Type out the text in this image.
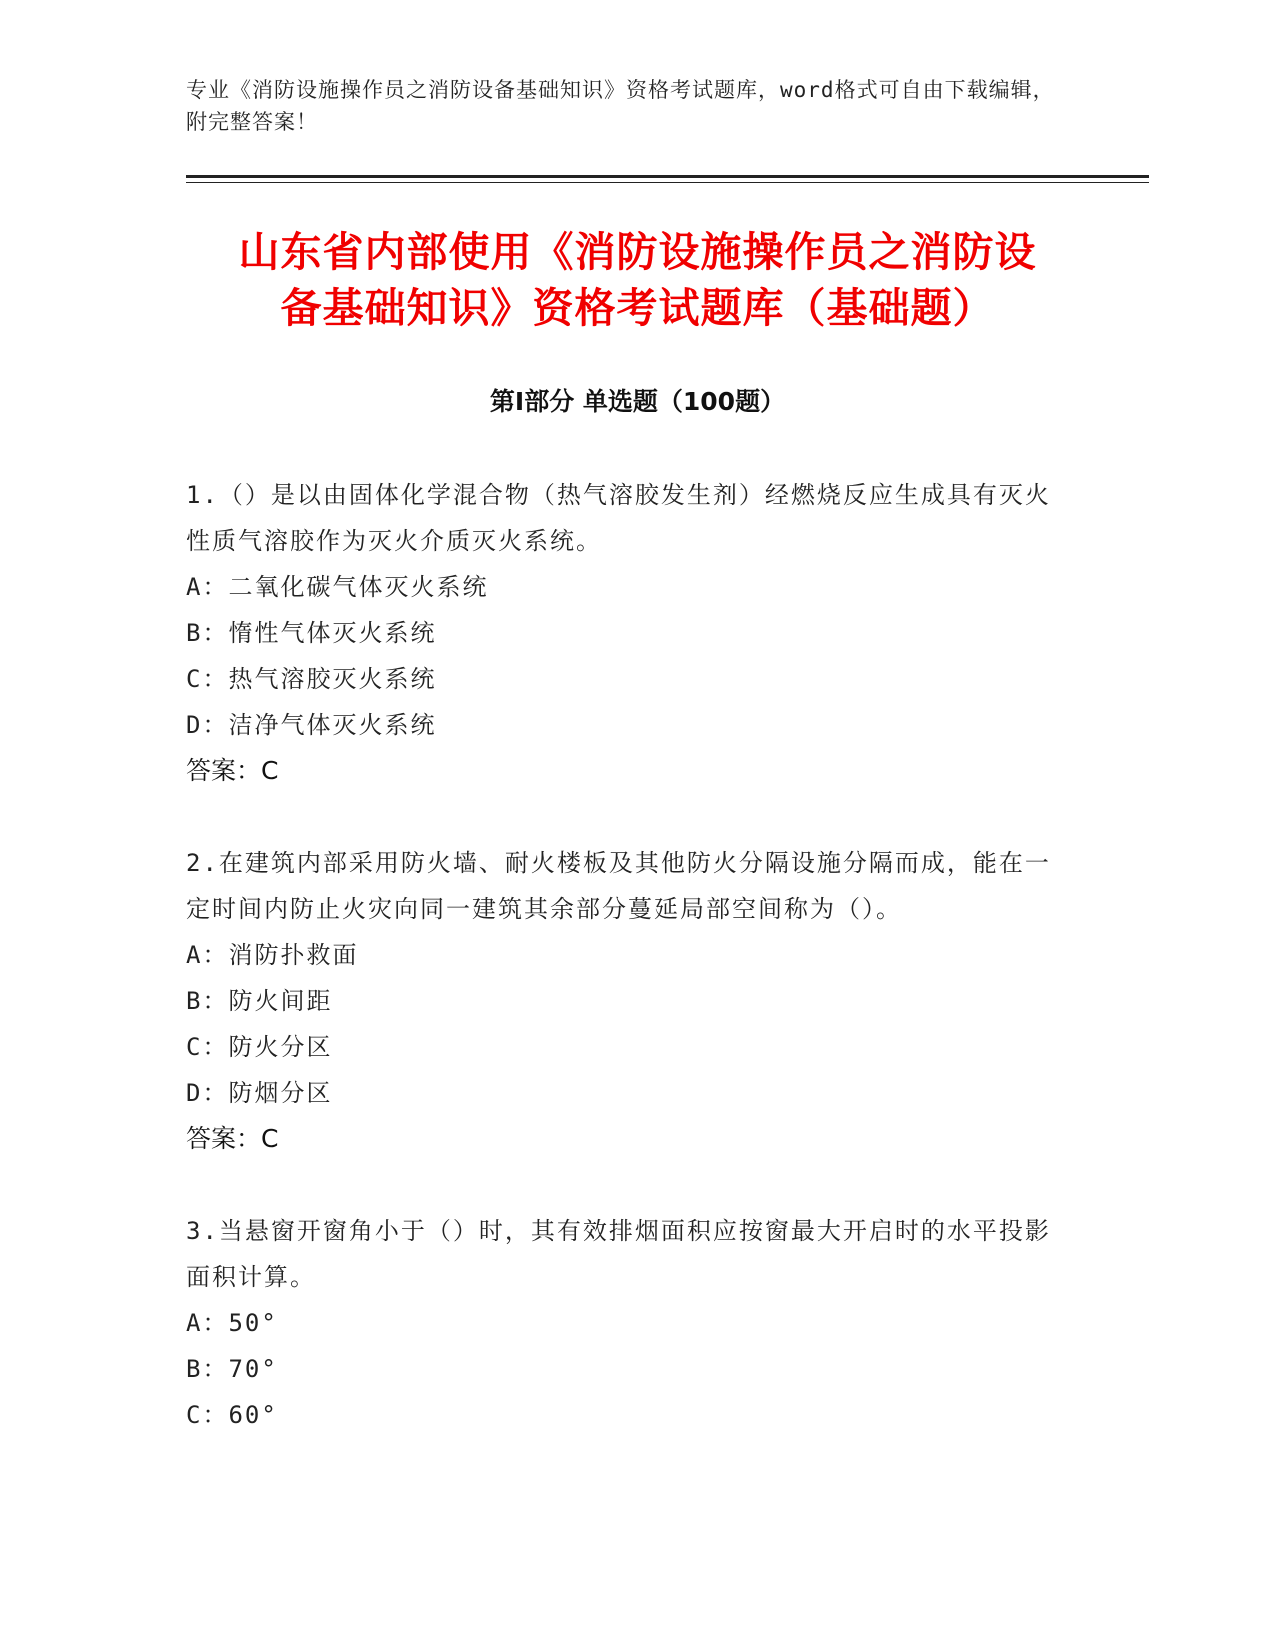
专业《消防设施操作员之消防设备基础知识》资格考试题库，word格式可自由下载编辑，附完整答案！
山东省内部使用《消防设施操作员之消防设
备基础知识》资格考试题库（基础题）
第I部分 单选题（100题）

1.（）是以由固体化学混合物（热气溶胶发生剂）经燃烧反应生成具有灭火性质气溶胶作为灭火介质灭火系统。

A：二氧化碳气体灭火系统

B：惰性气体灭火系统

C：热气溶胶灭火系统

D：洁净气体灭火系统

答案：C

2.在建筑内部采用防火墙、耐火楼板及其他防火分隔设施分隔而成，能在一定时间内防止火灾向同一建筑其余部分蔓延局部空间称为（）。

A：消防扑救面

B：防火间距

C：防火分区

D：防烟分区

答案：C

3.当悬窗开窗角小于（）时，其有效排烟面积应按窗最大开启时的水平投影面积计算。

A：50°

B：70°

C：60°
